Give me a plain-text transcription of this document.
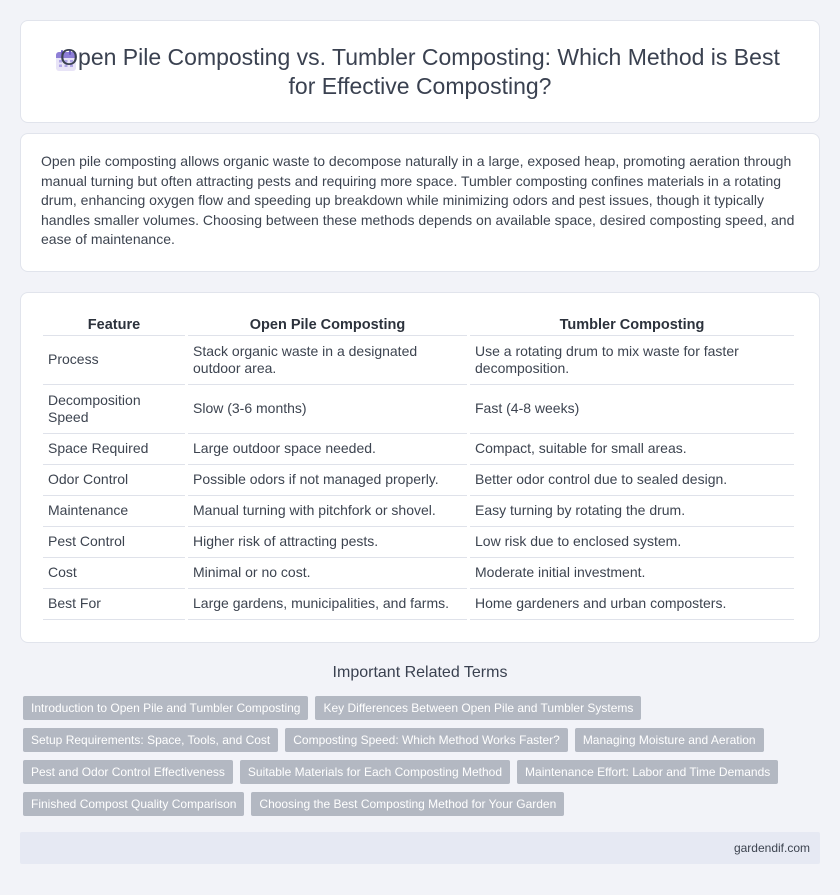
Open Pile Composting vs. Tumbler Composting: Which Method is Best for Effective Composting?

Open pile composting allows organic waste to decompose naturally in a large, exposed heap, promoting aeration through manual turning but often attracting pests and requiring more space. Tumbler composting confines materials in a rotating drum, enhancing oxygen flow and speeding up breakdown while minimizing odors and pest issues, though it typically handles smaller volumes. Choosing between these methods depends on available space, desired composting speed, and ease of maintenance.

Feature	Open Pile Composting	Tumbler Composting
Process	Stack organic waste in a designated outdoor area.	Use a rotating drum to mix waste for faster decomposition.
Decomposition Speed	Slow (3-6 months)	Fast (4-8 weeks)
Space Required	Large outdoor space needed.	Compact, suitable for small areas.
Odor Control	Possible odors if not managed properly.	Better odor control due to sealed design.
Maintenance	Manual turning with pitchfork or shovel.	Easy turning by rotating the drum.
Pest Control	Higher risk of attracting pests.	Low risk due to enclosed system.
Cost	Minimal or no cost.	Moderate initial investment.
Best For	Large gardens, municipalities, and farms.	Home gardeners and urban composters.
Important Related Terms
Introduction to Open Pile and Tumbler Composting	Key Differences Between Open Pile and Tumbler Systems
Setup Requirements: Space, Tools, and Cost	Composting Speed: Which Method Works Faster?	Managing Moisture and Aeration
Pest and Odor Control Effectiveness	Suitable Materials for Each Composting Method	Maintenance Effort: Labor and Time Demands
Finished Compost Quality Comparison	Choosing the Best Composting Method for Your Garden
gardendif.com
